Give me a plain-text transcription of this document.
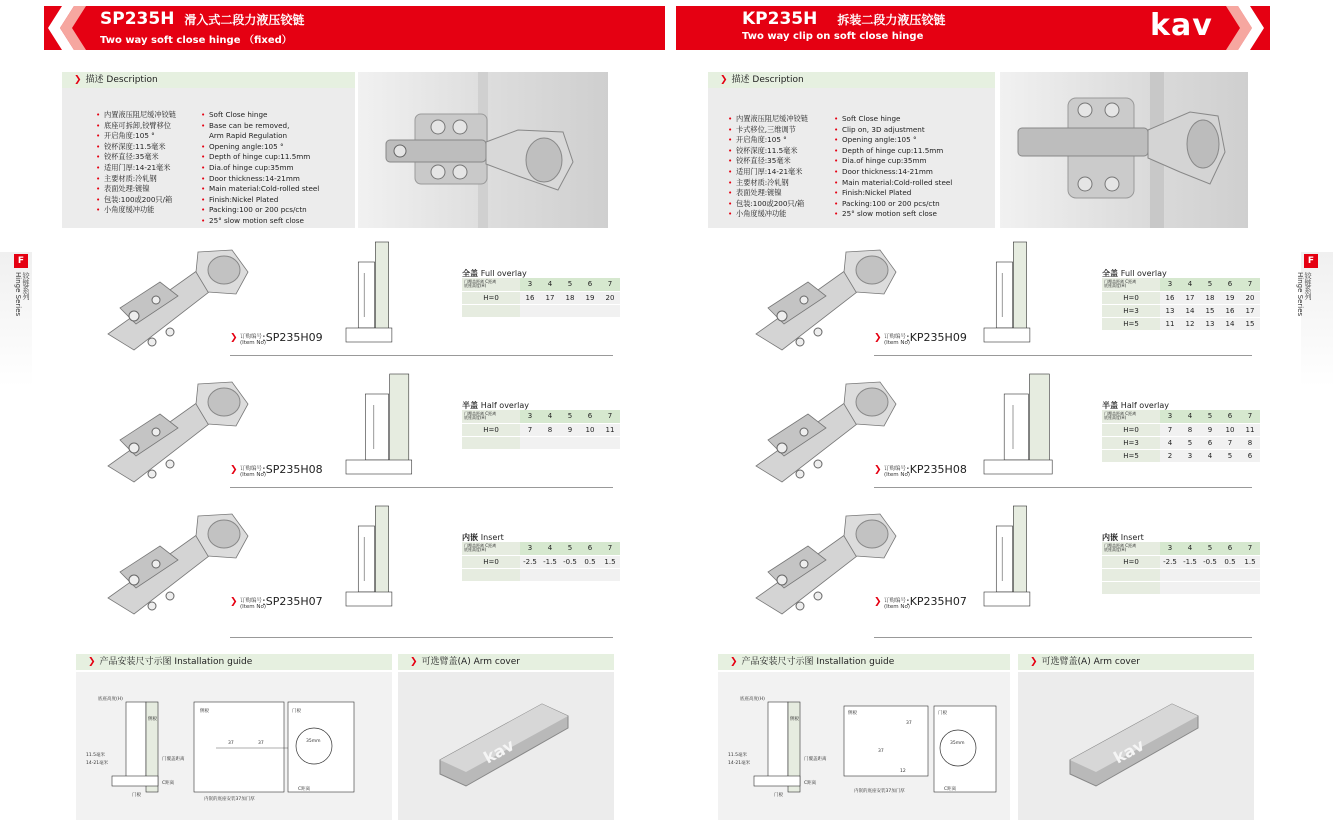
SP235H 滑入式二段力液压铰链
Two way soft close hinge （fixed）
KP235H 拆装二段力液压铰链
Two way clip on soft close hinge	kav
F
Hinge Series 铰链系列
F
Hinge Series 铰链系列
❯ 描述 Description
• 内置液压阻尼缓冲铰链
• 底座可拆卸,铰臂移位
• 开启角度:105 °
• 铰杯深度:11.5毫米
• 铰杯直径:35毫米
• 适用门厚:14-21毫米
• 主要材质:冷轧钢
• 表面处理:镀镍
• 包装:100或200只/箱
• 小角度缓冲功能
• Soft Close hinge
• Base can be removed,
Arm Rapid Regulation
• Opening angle:105 °
• Depth of hinge cup:11.5mm
• Dia.of hinge cup:35mm
• Door thickness:14-21mm
• Main material:Cold-rolled steel
• Finish:Nickel Plated
• Packing:100 or 200 pcs/ctn
• 25° slow motion seft close
❯ 描述 Description
• 内置液压阻尼缓冲铰链
• 卡式移位,三维调节
• 开启角度:105 °
• 铰杯深度:11.5毫米
• 铰杯直径:35毫米
• 适用门厚:14-21毫米
• 主要材质:冷轧钢
• 表面处理:镀镍
• 包装:100或200只/箱
• 小角度缓冲功能
• Soft Close hinge
• Clip on, 3D adjustment
• Opening angle:105 °
• Depth of hinge cup:11.5mm
• Dia.of hinge cup:35mm
• Door thickness:14-21mm
• Main material:Cold-rolled steel
• Finish:Nickel Plated
• Packing:100 or 200 pcs/ctn
• 25° slow motion seft close
❯ 订购编号
(Item No)
:SP235H09
全盖 Full overlay
门覆盖距离 C距离
底座高度(H)	3	4	5	6	7
H=0	16	17	18	19	20

❯ 订购编号
(Item No)
:KP235H09
全盖 Full overlay
门覆盖距离 C距离
底座高度(H)	3	4	5	6	7
H=0	16	17	18	19	20
H=3	13	14	15	16	17
H=5	11	12	13	14	15
❯ 订购编号
(Item No)
:SP235H08
半盖 Half overlay
门覆盖距离 C距离
底座高度(H)	3	4	5	6	7
H=0	7	8	9	10	11

❯ 订购编号
(Item No)
:KP235H08
半盖 Half overlay
门覆盖距离 C距离
底座高度(H)	3	4	5	6	7
H=0	7	8	9	10	11
H=3	4	5	6	7	8
H=5	2	3	4	5	6
❯ 订购编号
(Item No)
:SP235H07
内嵌 Insert
门覆盖距离 C距离
底座高度(H)	3	4	5	6	7
H=0	-2.5	-1.5	-0.5	0.5	1.5

❯ 订购编号
(Item No)
:KP235H07
内嵌 Insert
门覆盖距离 C距离
底座高度(H)	3	4	5	6	7
H=0	-2.5	-1.5	-0.5	0.5	1.5

❯ 产品安装尺寸示图 Installation guide	❯ 可选臂盖(A) Arm cover	❯ 产品安装尺寸示图 Installation guide	❯ 可选臂盖(A) Arm cover
底座高度(H)
侧板
11.5毫米
14-21毫米
门覆盖距离
C距离
门板
侧板
37	37
门板
35mm
C距离
内嵌的底座安装37加门厚
底座高度(H)
侧板
11.5毫米
14-21毫米
门覆盖距离
C距离
门板
侧板
37
37
12
门板
35mm
C距离
内嵌的底座安装37加门厚
kav	kav
